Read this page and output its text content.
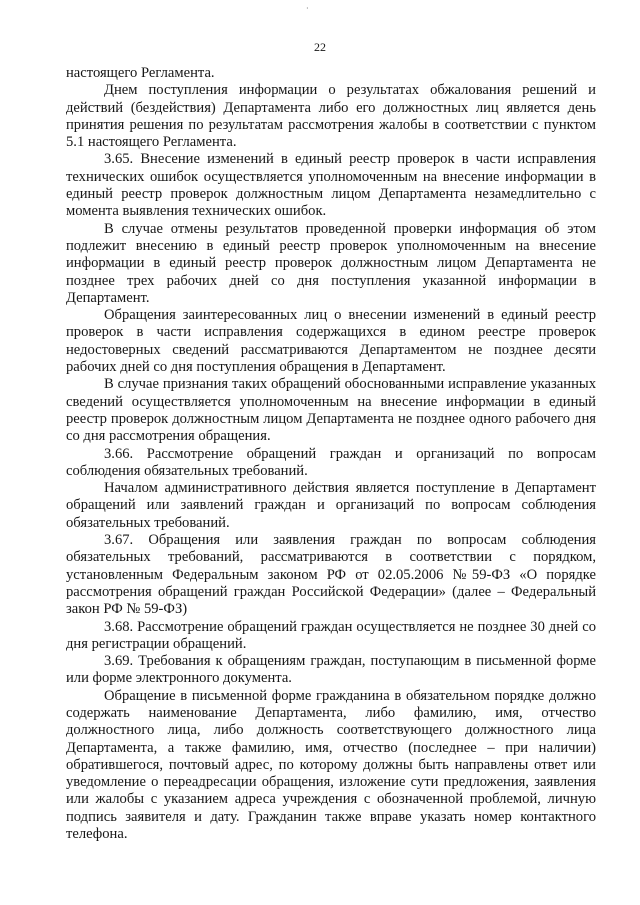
·
22

настоящего Регламента.

Днем поступления информации о результатах обжалования решений и действий (бездействия) Департамента либо его должностных лиц является день принятия решения по результатам рассмотрения жалобы в соответствии с пунктом 5.1 настоящего Регламента.

3.65. Внесение изменений в единый реестр проверок в части исправления технических ошибок осуществляется уполномоченным на внесение информации в единый реестр проверок должностным лицом Департамента незамедлительно с момента выявления технических ошибок.

В случае отмены результатов проведенной проверки информация об этом подлежит внесению в единый реестр проверок уполномоченным на внесение информации в единый реестр проверок должностным лицом Департамента не позднее трех рабочих дней со дня поступления указанной информации в Департамент.

Обращения заинтересованных лиц о внесении изменений в единый реестр проверок в части исправления содержащихся в едином реестре проверок недостоверных сведений рассматриваются Департаментом не позднее десяти рабочих дней со дня поступления обращения в Департамент.

В случае признания таких обращений обоснованными исправление указанных сведений осуществляется уполномоченным на внесение информации в единый реестр проверок должностным лицом Департамента не позднее одного рабочего дня со дня рассмотрения обращения.

3.66. Рассмотрение обращений граждан и организаций по вопросам соблюдения обязательных требований.

Началом административного действия является поступление в Департамент обращений или заявлений граждан и организаций по вопросам соблюдения обязательных требований.

3.67. Обращения или заявления граждан по вопросам соблюдения обязательных требований, рассматриваются в соответствии с порядком, установленным Федеральным законом РФ от 02.05.2006 №59-ФЗ «О порядке рассмотрения обращений граждан Российской Федерации» (далее – Федеральный закон РФ № 59-ФЗ)

3.68. Рассмотрение обращений граждан осуществляется не позднее 30 дней со дня регистрации обращений.

3.69. Требования к обращениям граждан, поступающим в письменной форме или форме электронного документа.

Обращение в письменной форме гражданина в обязательном порядке должно содержать наименование Департамента, либо фамилию, имя, отчество должностного лица, либо должность соответствующего должностного лица Департамента, а также фамилию, имя, отчество (последнее – при наличии) обратившегося, почтовый адрес, по которому должны быть направлены ответ или уведомление о переадресации обращения, изложение сути предложения, заявления или жалобы с указанием адреса учреждения с обозначенной проблемой, личную подпись заявителя и дату. Гражданин также вправе указать номер контактного телефона.
